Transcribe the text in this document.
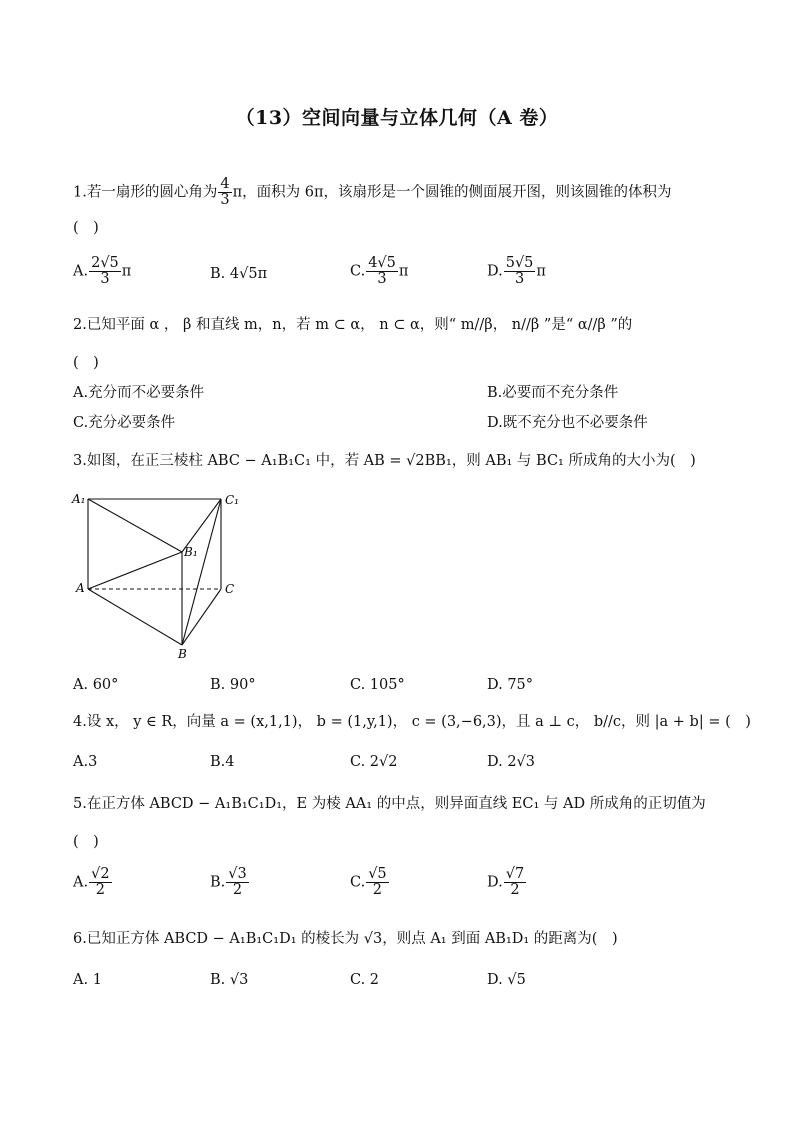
（13）空间向量与立体几何（A 卷）
1.若一扇形的圆心角为 $\frac{4}{3}$ π，面积为 6π，该扇形是一个圆锥的侧面展开图，则该圆锥的体积为
(　)
A. $\frac{2√5}{3}$ π	B. 4√5π	C. $\frac{4√5}{3}$ π	D. $\frac{5√5}{3}$ π
2.已知平面 α ， β 和直线 m，n，若 m ⊂ α， n ⊂ α，则“ m//β， n//β ”是“ α//β ”的
(　)
A.充分而不必要条件	B.必要而不充分条件
C.充分必要条件	D.既不充分也不必要条件
3.如图，在正三棱柱 ABC − A₁B₁C₁ 中，若 AB = √2BB₁，则 AB₁ 与 BC₁ 所成角的大小为(　)
A₁	C₁
B₁
A	C
B
A. 60°	B. 90°	C. 105°	D. 75°
4.设 x， y ∈ R，向量 a = (x,1,1)， b = (1,y,1)， c = (3,−6,3)，且 a ⊥ c， b//c，则 |a + b| = (　)
A.3	B.4	C. 2√2	D. 2√3
5.在正方体 ABCD − A₁B₁C₁D₁，E 为棱 AA₁ 的中点，则异面直线 EC₁ 与 AD 所成角的正切值为
(　)
A. $\frac{√2}{2}$	B. $\frac{√3}{2}$	C. $\frac{√5}{2}$	D. $\frac{√7}{2}$
6.已知正方体 ABCD − A₁B₁C₁D₁ 的棱长为 √3，则点 A₁ 到面 AB₁D₁ 的距离为(　)
A. 1	B. √3	C. 2	D. √5
